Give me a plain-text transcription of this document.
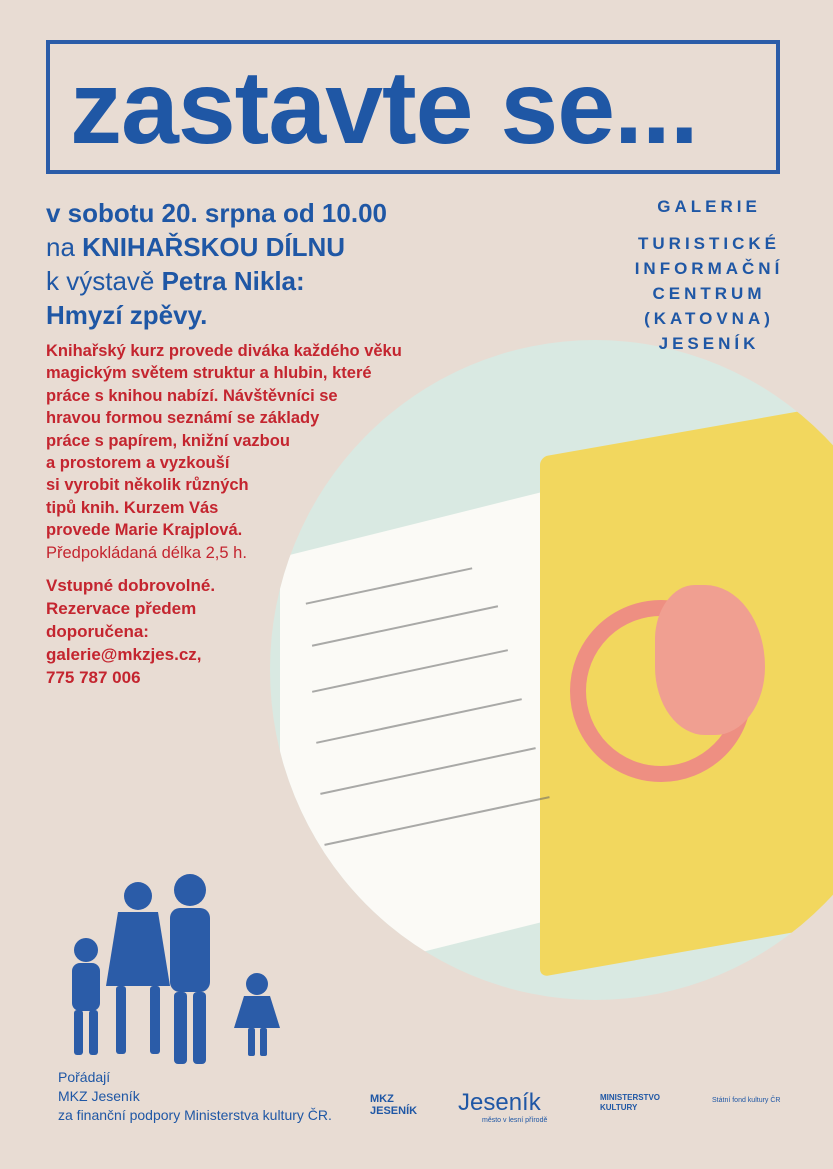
zastavte se...
GALERIE
TURISTICKÉ
INFORMAČNÍ
CENTRUM
(KATOVNA)
JESENÍK
v sobotu 20. srpna od 10.00
na KNIHAŘSKOU DÍLNU
k výstavě Petra Nikla:
Hmyzí zpěvy.
Knihařský kurz provede diváka každého věku
magickým světem struktur a hlubin, které
práce s knihou nabízí. Návštěvníci se
hravou formou seznámí se základy
práce s papírem, knižní vazbou
a prostorem a vyzkouší
si vyrobit několik různých
tipů knih. Kurzem Vás
provede Marie Krajplová.
Předpokládaná délka 2,5 h.
Vstupné dobrovolné.
Rezervace předem
doporučena:
galerie@mkzjes.cz,
775 787 006
Pořádají
MKZ Jeseník
za finanční podpory Ministerstva kultury ČR.
MKZ JESENÍK	Jeseník
město v lesní přírodě
MINISTERSTVO KULTURY
Státní fond kultury ČR
